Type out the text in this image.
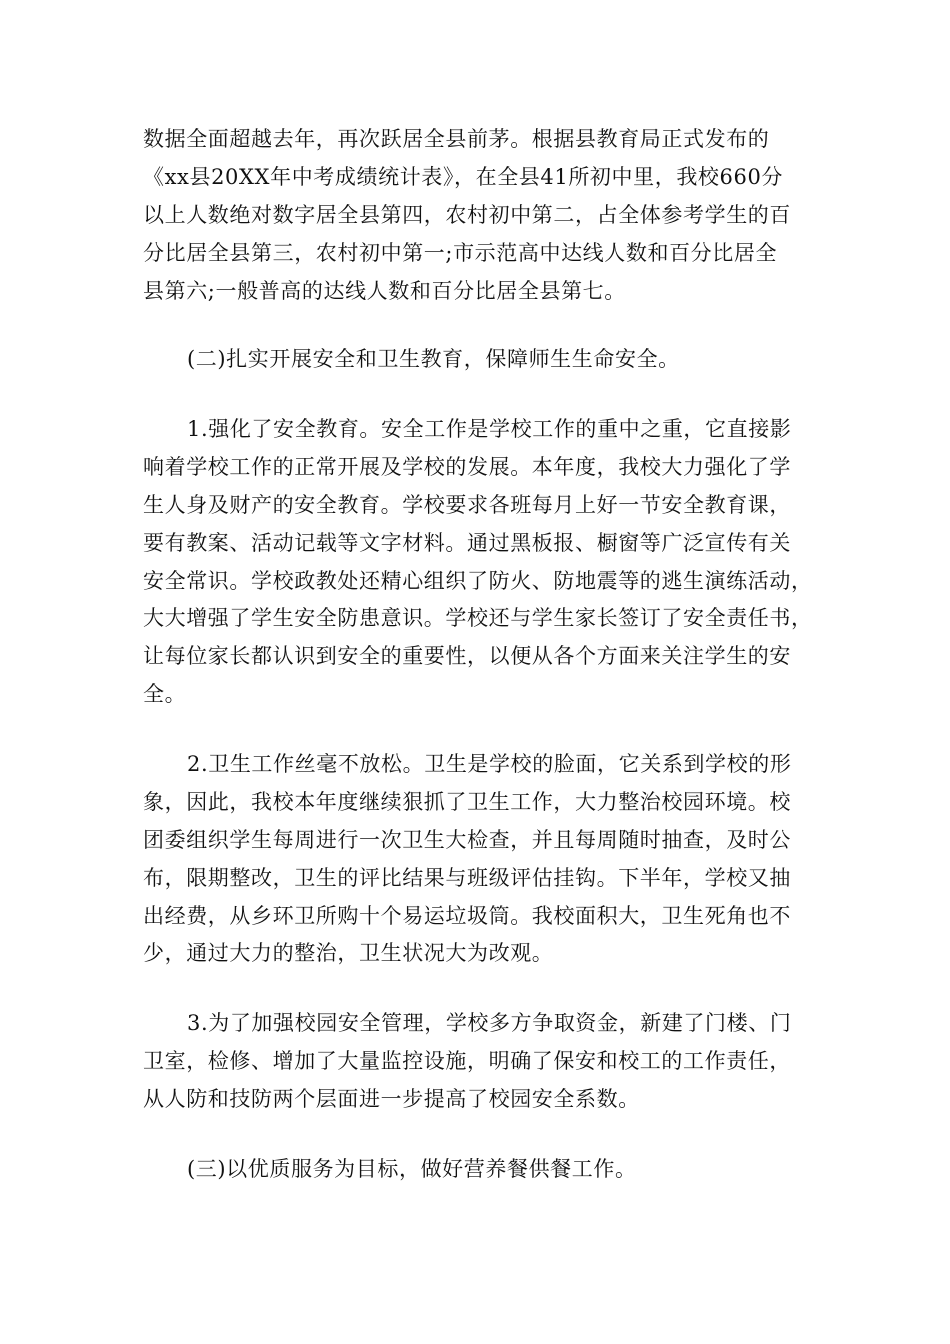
数据全面超越去年，再次跃居全县前茅。根据县教育局正式发布的
《xx县20XX年中考成绩统计表》，在全县41所初中里，我校660分
以上人数绝对数字居全县第四，农村初中第二，占全体参考学生的百
分比居全县第三，农村初中第一;市示范高中达线人数和百分比居全
县第六;一般普高的达线人数和百分比居全县第七。
(二)扎实开展安全和卫生教育，保障师生生命安全。
1.强化了安全教育。安全工作是学校工作的重中之重，它直接影
响着学校工作的正常开展及学校的发展。本年度，我校大力强化了学
生人身及财产的安全教育。学校要求各班每月上好一节安全教育课，
要有教案、活动记载等文字材料。通过黑板报、橱窗等广泛宣传有关
安全常识。学校政教处还精心组织了防火、防地震等的逃生演练活动，
大大增强了学生安全防患意识。学校还与学生家长签订了安全责任书，
让每位家长都认识到安全的重要性，以便从各个方面来关注学生的安
全。
2.卫生工作丝毫不放松。卫生是学校的脸面，它关系到学校的形
象，因此，我校本年度继续狠抓了卫生工作，大力整治校园环境。校
团委组织学生每周进行一次卫生大检查，并且每周随时抽查，及时公
布，限期整改，卫生的评比结果与班级评估挂钩。下半年，学校又抽
出经费，从乡环卫所购十个易运垃圾筒。我校面积大，卫生死角也不
少，通过大力的整治，卫生状况大为改观。
3.为了加强校园安全管理，学校多方争取资金，新建了门楼、门
卫室，检修、增加了大量监控设施，明确了保安和校工的工作责任，
从人防和技防两个层面进一步提高了校园安全系数。
(三)以优质服务为目标，做好营养餐供餐工作。
